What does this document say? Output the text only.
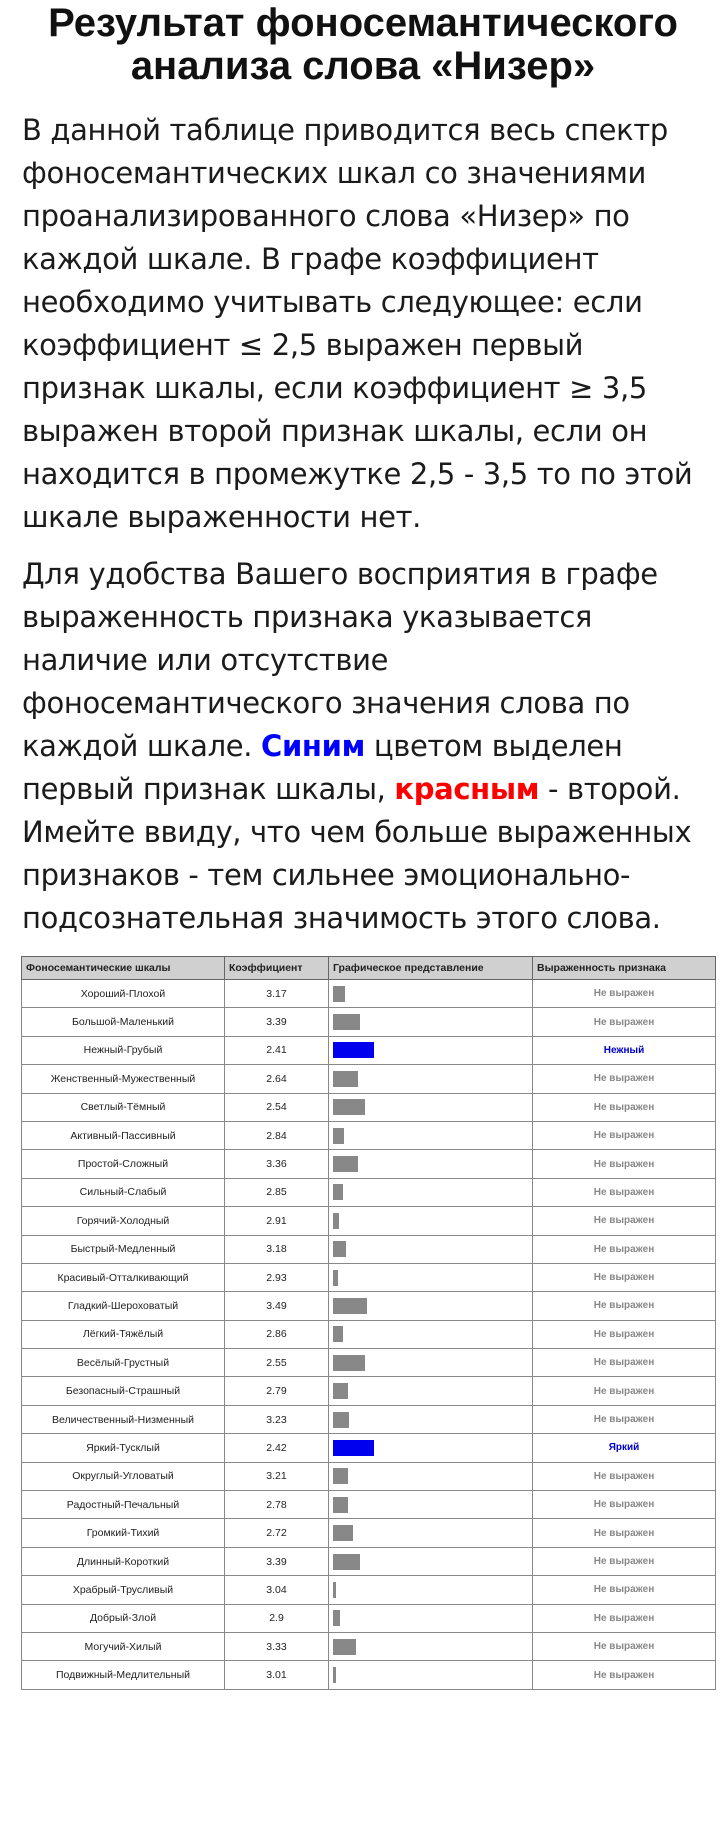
Результат фоносемантического анализа слова «Низер»

В данной таблице приводится весь спектр фоносемантических шкал со значениями проанализированного слова «Низер» по каждой шкале. В графе коэффициент необходимо учитывать следующее: если коэффициент ≤ 2,5 выражен первый признак шкалы, если коэффициент ≥ 3,5 выражен второй признак шкалы, если он находится в промежутке 2,5 - 3,5 то по этой шкале выраженности нет.

Для удобства Вашего восприятия в графе выраженность признака указывается наличие или отсутствие фоносемантического значения слова по каждой шкале. Синим цветом выделен первый признак шкалы, красным - второй. Имейте ввиду, что чем больше выраженных признаков - тем сильнее эмоционально-подсознательная значимость этого слова.

Фоносемантические шкалы	Коэффициент	Графическое представление	Выраженность признака
Хороший-Плохой	3.17		Не выражен
Большой-Маленький	3.39		Не выражен
Нежный-Грубый	2.41		Нежный
Женственный-Мужественный	2.64		Не выражен
Светлый-Тёмный	2.54		Не выражен
Активный-Пассивный	2.84		Не выражен
Простой-Сложный	3.36		Не выражен
Сильный-Слабый	2.85		Не выражен
Горячий-Холодный	2.91		Не выражен
Быстрый-Медленный	3.18		Не выражен
Красивый-Отталкивающий	2.93		Не выражен
Гладкий-Шероховатый	3.49		Не выражен
Лёгкий-Тяжёлый	2.86		Не выражен
Весёлый-Грустный	2.55		Не выражен
Безопасный-Страшный	2.79		Не выражен
Величественный-Низменный	3.23		Не выражен
Яркий-Тусклый	2.42		Яркий
Округлый-Угловатый	3.21		Не выражен
Радостный-Печальный	2.78		Не выражен
Громкий-Тихий	2.72		Не выражен
Длинный-Короткий	3.39		Не выражен
Храбрый-Трусливый	3.04		Не выражен
Добрый-Злой	2.9		Не выражен
Могучий-Хилый	3.33		Не выражен
Подвижный-Медлительный	3.01		Не выражен
